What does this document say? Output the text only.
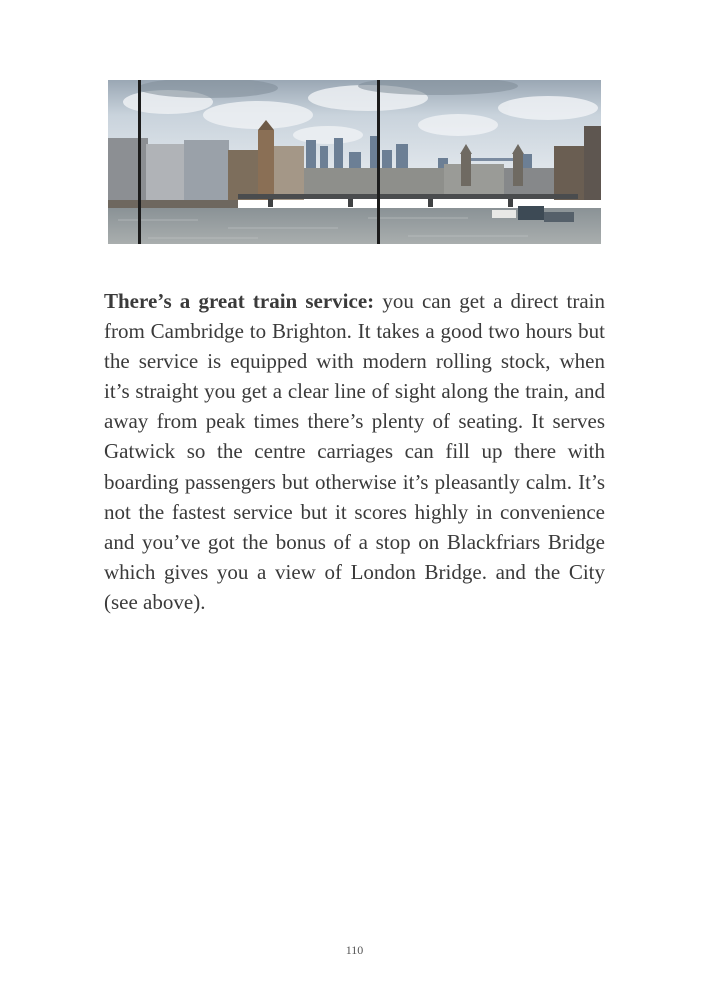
There’s a great train service: you can get a direct train from Cambridge to Brighton. It takes a good two hours but the service is equipped with modern rolling stock, when it’s straight you get a clear line of sight along the train, and away from peak times there’s plenty of seating. It serves Gatwick so the centre carriages can fill up there with boarding passengers but otherwise it’s pleasantly calm. It’s not the fastest service but it scores highly in convenience and you’ve got the bonus of a stop on Blackfriars Bridge which gives you a view of London Bridge. and the City (see above).

110
